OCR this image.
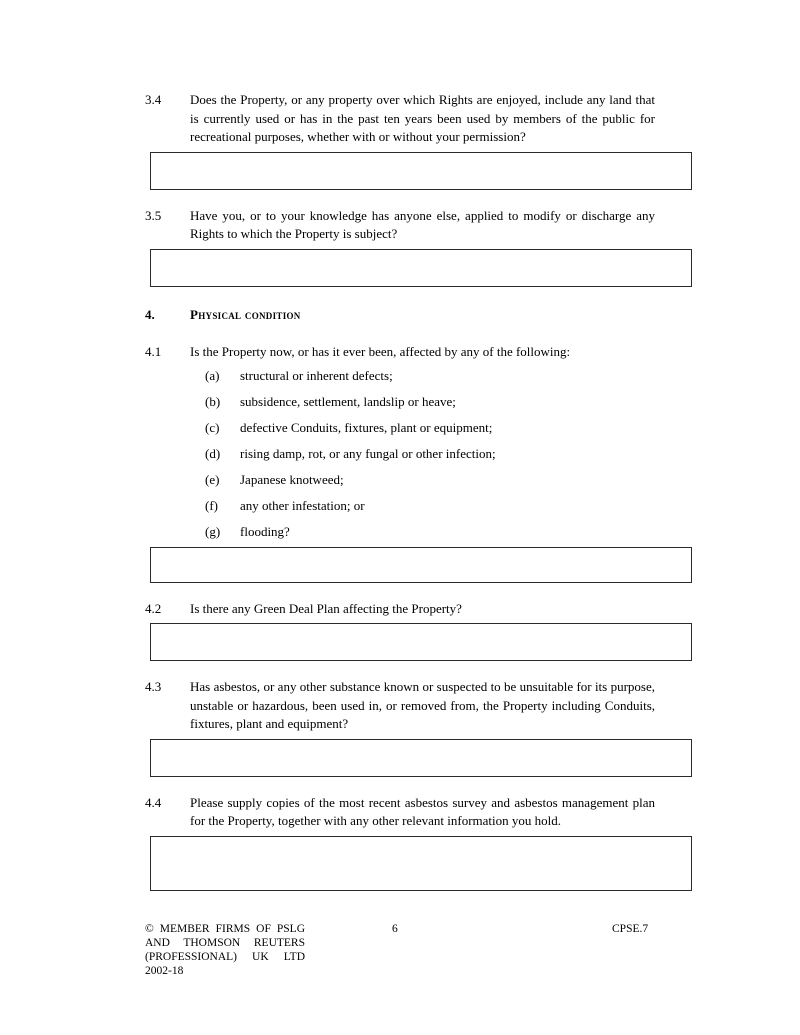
3.4	Does the Property, or any property over which Rights are enjoyed, include any land that is currently used or has in the past ten years been used by members of the public for recreational purposes, whether with or without your permission?
3.5	Have you, or to your knowledge has anyone else, applied to modify or discharge any Rights to which the Property is subject?
4.	Physical condition
4.1	Is the Property now, or has it ever been, affected by any of the following:
(a)	structural or inherent defects;
(b)	subsidence, settlement, landslip or heave;
(c)	defective Conduits, fixtures, plant or equipment;
(d)	rising damp, rot, or any fungal or other infection;
(e)	Japanese knotweed;
(f)	any other infestation; or
(g)	flooding?
4.2	Is there any Green Deal Plan affecting the Property?
4.3	Has asbestos, or any other substance known or suspected to be unsuitable for its purpose, unstable or hazardous, been used in, or removed from, the Property including Conduits, fixtures, plant and equipment?
4.4	Please supply copies of the most recent asbestos survey and asbestos management plan for the Property, together with any other relevant information you hold.
© MEMBER FIRMS OF PSLG AND THOMSON REUTERS (PROFESSIONAL) UK LTD 2002-18
6	CPSE.7
